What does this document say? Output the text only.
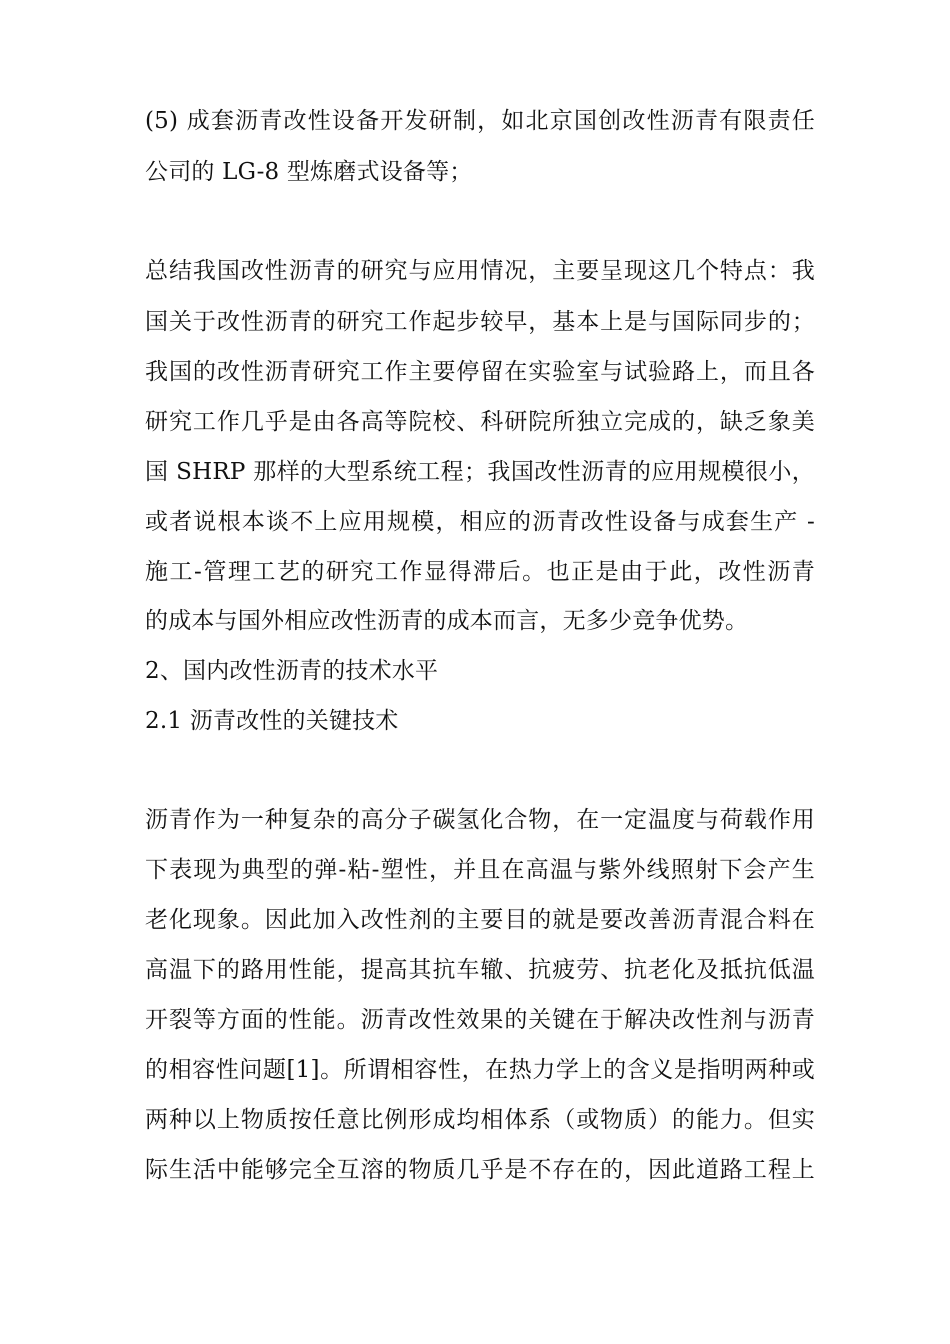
(5) 成套沥青改性设备开发研制，如北京国创改性沥青有限责任
公司的 LG-8 型炼磨式设备等；
总结我国改性沥青的研究与应用情况，主要呈现这几个特点：我
国关于改性沥青的研究工作起步较早，基本上是与国际同步的；
我国的改性沥青研究工作主要停留在实验室与试验路上，而且各
研究工作几乎是由各高等院校、科研院所独立完成的，缺乏象美
国 SHRP 那样的大型系统工程；我国改性沥青的应用规模很小，
或者说根本谈不上应用规模，相应的沥青改性设备与成套生产 -
施工-管理工艺的研究工作显得滞后。也正是由于此，改性沥青
的成本与国外相应改性沥青的成本而言，无多少竞争优势。
2、国内改性沥青的技术水平
2.1 沥青改性的关键技术
沥青作为一种复杂的高分子碳氢化合物，在一定温度与荷载作用
下表现为典型的弹-粘-塑性，并且在高温与紫外线照射下会产生
老化现象。因此加入改性剂的主要目的就是要改善沥青混合料在
高温下的路用性能，提高其抗车辙、抗疲劳、抗老化及抵抗低温
开裂等方面的性能。沥青改性效果的关键在于解决改性剂与沥青
的相容性问题[1]。所谓相容性，在热力学上的含义是指明两种或
两种以上物质按任意比例形成均相体系（或物质）的能力。但实
际生活中能够完全互溶的物质几乎是不存在的，因此道路工程上
